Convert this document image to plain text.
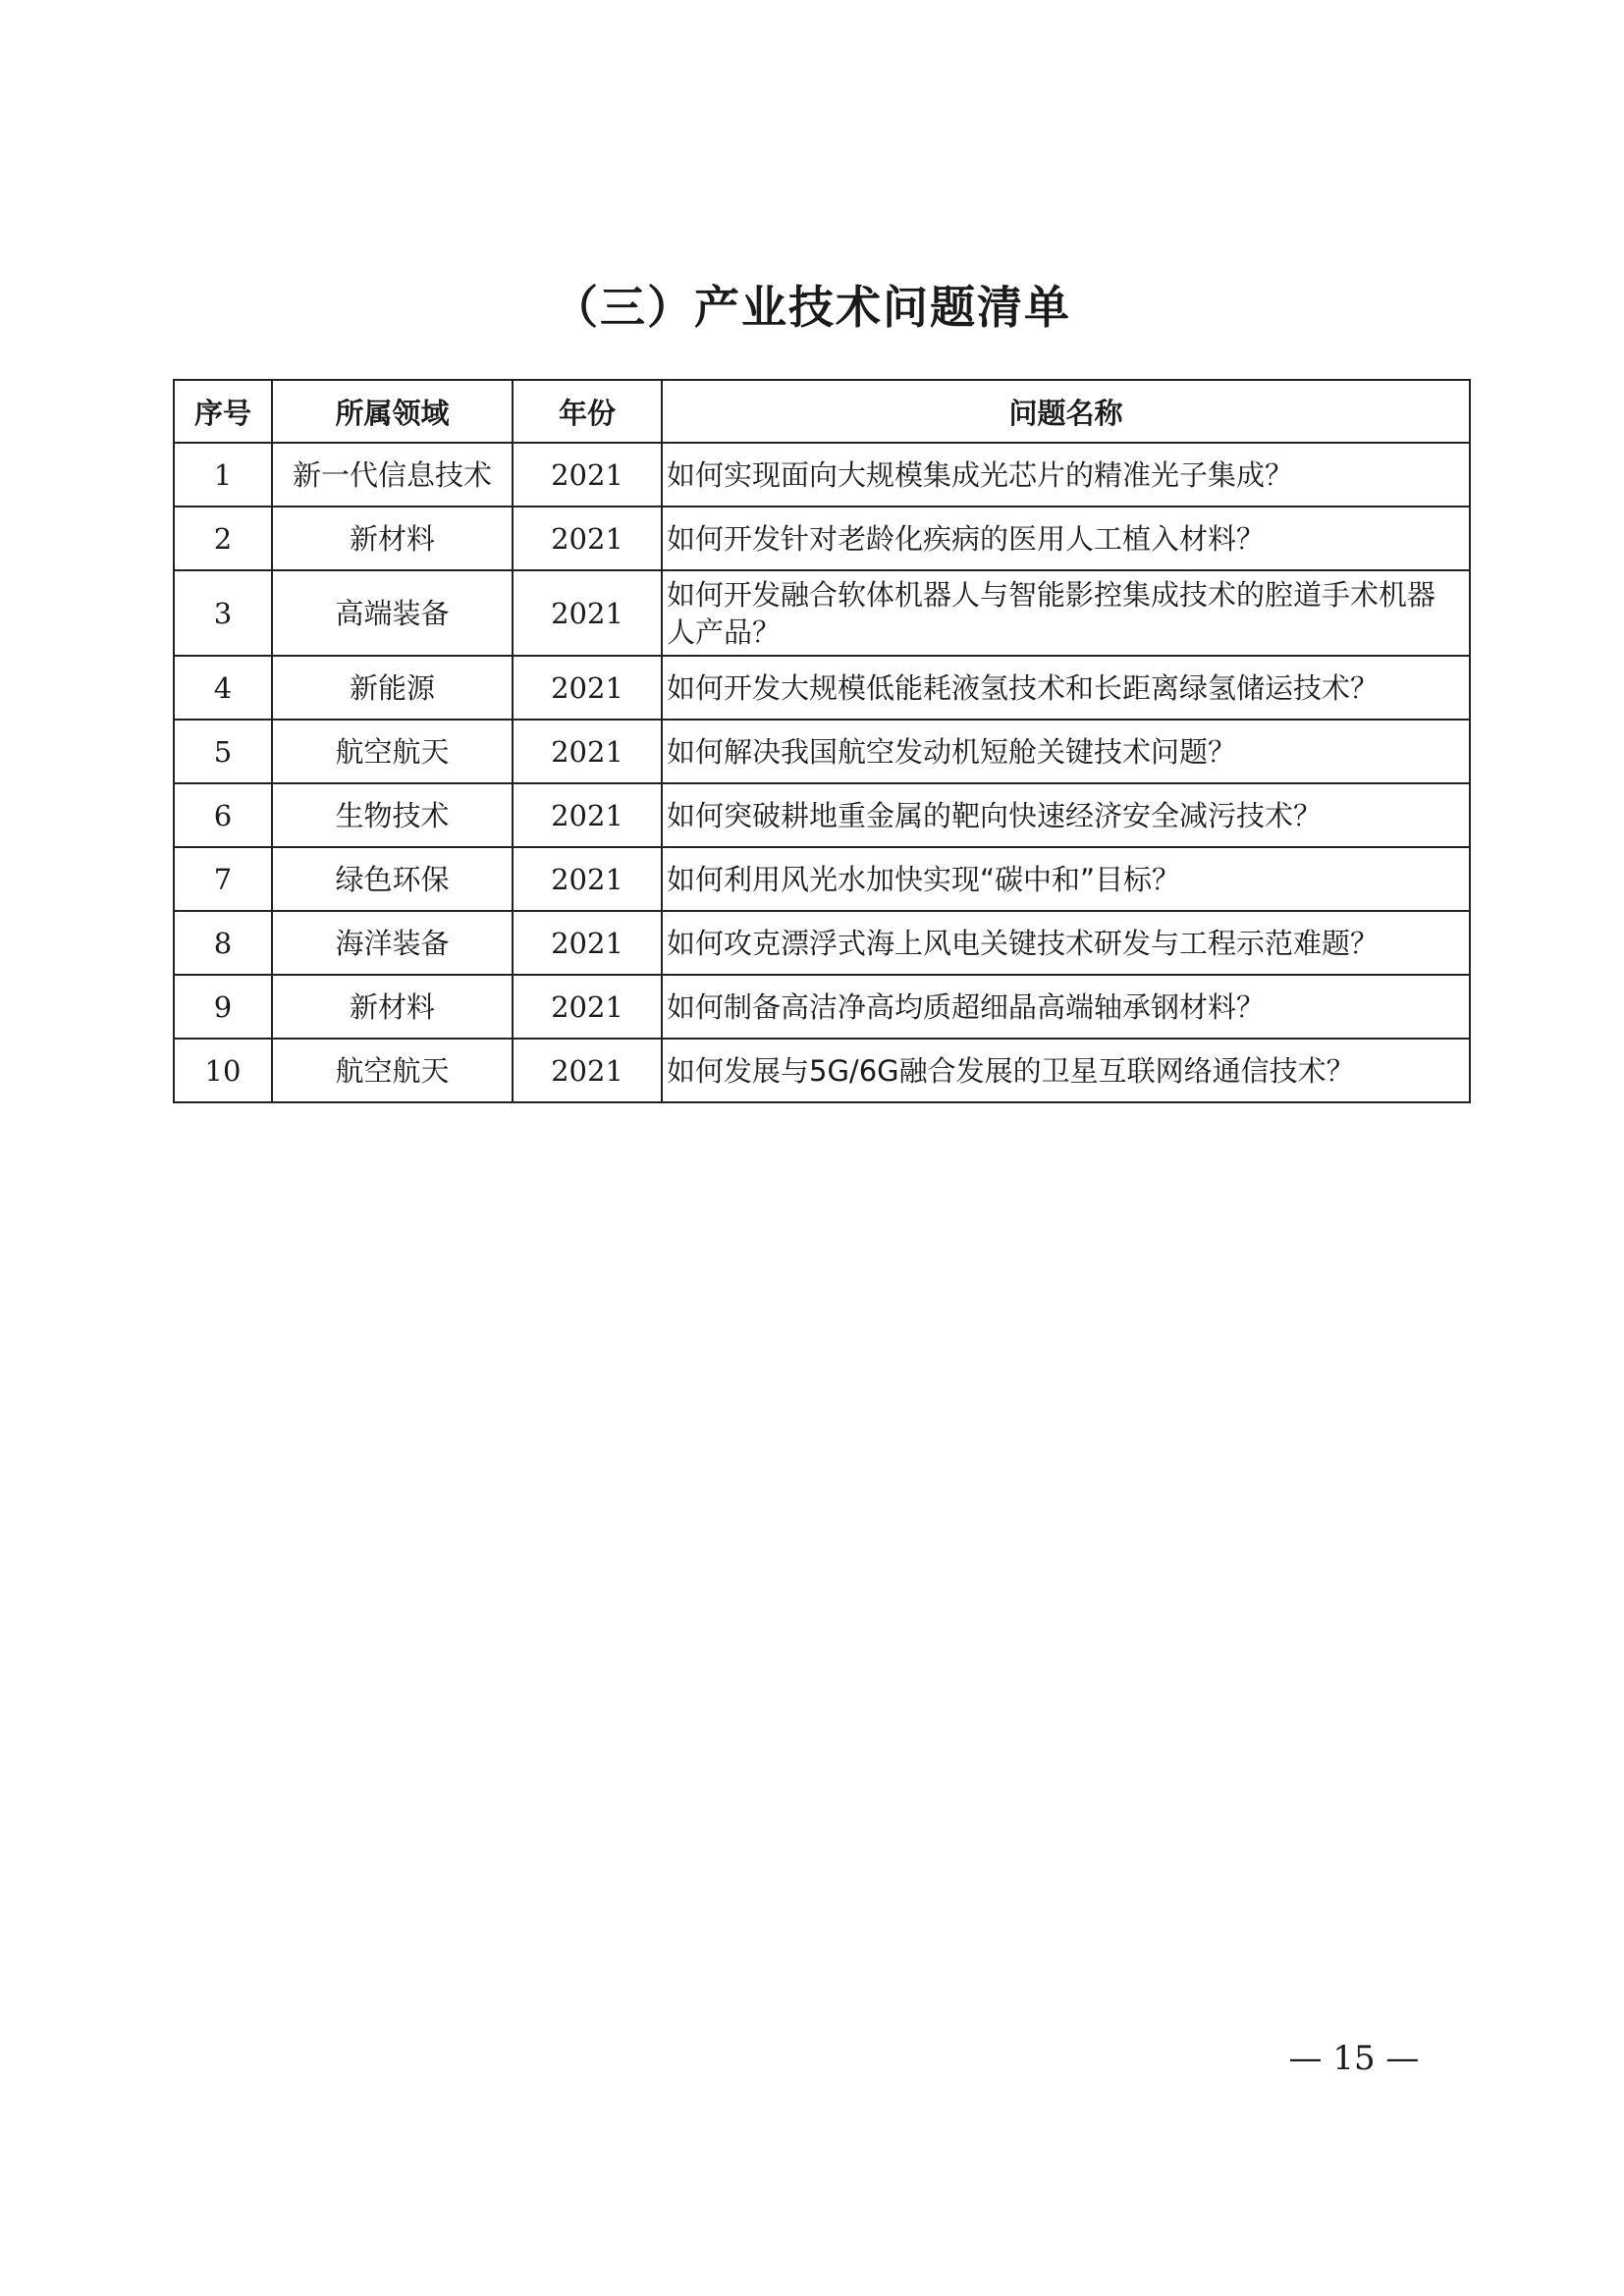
（三）产业技术问题清单
序号	所属领域	年份	问题名称
1	新一代信息技术	2021	如何实现面向大规模集成光芯片的精准光子集成？
2	新材料	2021	如何开发针对老龄化疾病的医用人工植入材料？
3	高端装备	2021	如何开发融合软体机器人与智能影控集成技术的腔道手术机器人产品？
4	新能源	2021	如何开发大规模低能耗液氢技术和长距离绿氢储运技术？
5	航空航天	2021	如何解决我国航空发动机短舱关键技术问题？
6	生物技术	2021	如何突破耕地重金属的靶向快速经济安全减污技术？
7	绿色环保	2021	如何利用风光水加快实现“碳中和”目标？
8	海洋装备	2021	如何攻克漂浮式海上风电关键技术研发与工程示范难题？
9	新材料	2021	如何制备高洁净高均质超细晶高端轴承钢材料？
10	航空航天	2021	如何发展与5G/6G融合发展的卫星互联网络通信技术？
— 15 —
